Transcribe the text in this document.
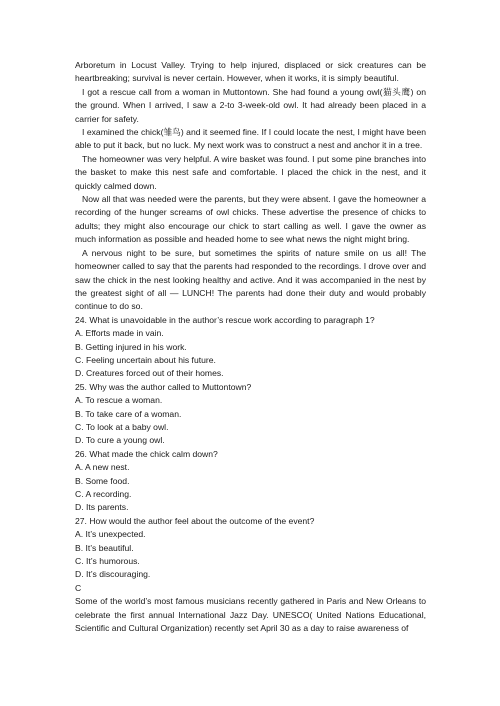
Arboretum in Locust Valley. Trying to help injured, displaced or sick creatures can be heartbreaking; survival is never certain. However, when it works, it is simply beautiful.

I got a rescue call from a woman in Muttontown. She had found a young owl(猫头鹰) on the ground. When I arrived, I saw a 2-to 3-week-old owl. It had already been placed in a carrier for safety.

I examined the chick(雏鸟) and it seemed fine. If I could locate the nest, I might have been able to put it back, but no luck. My next work was to construct a nest and anchor it in a tree.

The homeowner was very helpful. A wire basket was found. I put some pine branches into the basket to make this nest safe and comfortable. I placed the chick in the nest, and it quickly calmed down.

Now all that was needed were the parents, but they were absent. I gave the homeowner a recording of the hunger screams of owl chicks. These advertise the presence of chicks to adults; they might also encourage our chick to start calling as well. I gave the owner as much information as possible and headed home to see what news the night might bring.

A nervous night to be sure, but sometimes the spirits of nature smile on us all! The homeowner called to say that the parents had responded to the recordings. I drove over and saw the chick in the nest looking healthy and active. And it was accompanied in the nest by the greatest sight of all — LUNCH! The parents had done their duty and would probably continue to do so.

24. What is unavoidable in the author’s rescue work according to paragraph 1?

A. Efforts made in vain.

B. Getting injured in his work.

C. Feeling uncertain about his future.

D. Creatures forced out of their homes.

25. Why was the author called to Muttontown?

A. To rescue a woman.

B. To take care of a woman.

C. To look at a baby owl.

D. To cure a young owl.

26. What made the chick calm down?

A. A new nest.

B. Some food.

C. A recording.

D. Its parents.

27. How would the author feel about the outcome of the event?

A. It’s unexpected.

B. It’s beautiful.

C. It’s humorous.

D. It’s discouraging.

C

Some of the world’s most famous musicians recently gathered in Paris and New Orleans to celebrate the first annual International Jazz Day. UNESCO( United Nations Educational, Scientific and Cultural Organization) recently set April 30 as a day to raise awareness of
